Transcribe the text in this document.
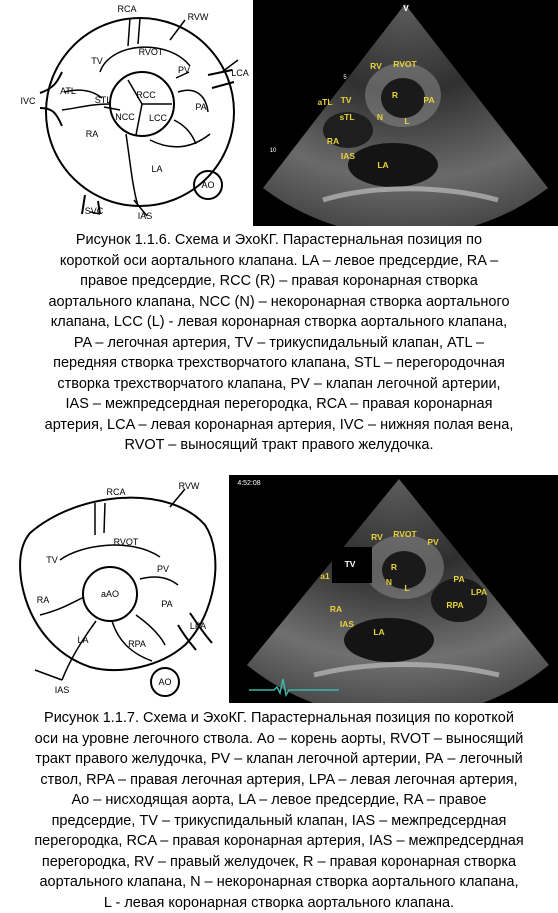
RCA
RVW
TV
RVOT
PV	LCA
IVC
ATL
STL	RCC
NCC LCC
PA
RA
LA
AO
SVC	IAS
V
RV RVOT
aTL TV
sTL
R	PA
N	L
RA
IAS
LA
5
10
Рисунок 1.1.6. Схема и ЭхоКГ. Парастернальная позиция по
короткой оси аортального клапана. LA – левое предсердие, RA –
правое предсердие, RCC (R) – правая коронарная створка
аортального клапана, NCC (N) – некоронарная створка аортального
клапана, LCC (L) - левая коронарная створка аортального клапана,
PA – легочная артерия, TV – трикуспидальный клапан, ATL –
передняя створка трехстворчатого клапана, STL – перегородочная
створка трехстворчатого клапана, PV – клапан легочной артерии,
IAS – межпредсердная перегородка, RCA – правая коронарная
артерия, LCA – левая коронарная артерия, IVC – нижняя полая вена,
RVOT – выносящий тракт правого желудочка.
RCA
RVW
TV
RVOT
PV
RA
aAO
PA
LA	RPA
LPA
IAS
AO
4:52:08
RV RVOT
PV
TV	R
a1
N
L
PA
LPA
RPA
RA
IAS
LA
Рисунок 1.1.7. Схема и ЭхоКГ. Парастернальная позиция по короткой
оси на уровне легочного ствола. Ао – корень аорты, RVOT – выносящий
тракт правого желудочка, PV – клапан легочной артерии, РА – легочный
ствол, RPA – правая легочная артерия, LPA – левая легочная артерия,
Ао – нисходящая аорта, LA – левое предсердие, RA – правое
предсердие, TV – трикуспидальный клапан, IAS – межпредсердная
перегородка, RCA – правая коронарная артерия, IAS – межпредсердная
перегородка, RV – правый желудочек, R – правая коронарная створка
аортального клапана, N – некоронарная створка аортального клапана,
L - левая коронарная створка аортального клапана.
